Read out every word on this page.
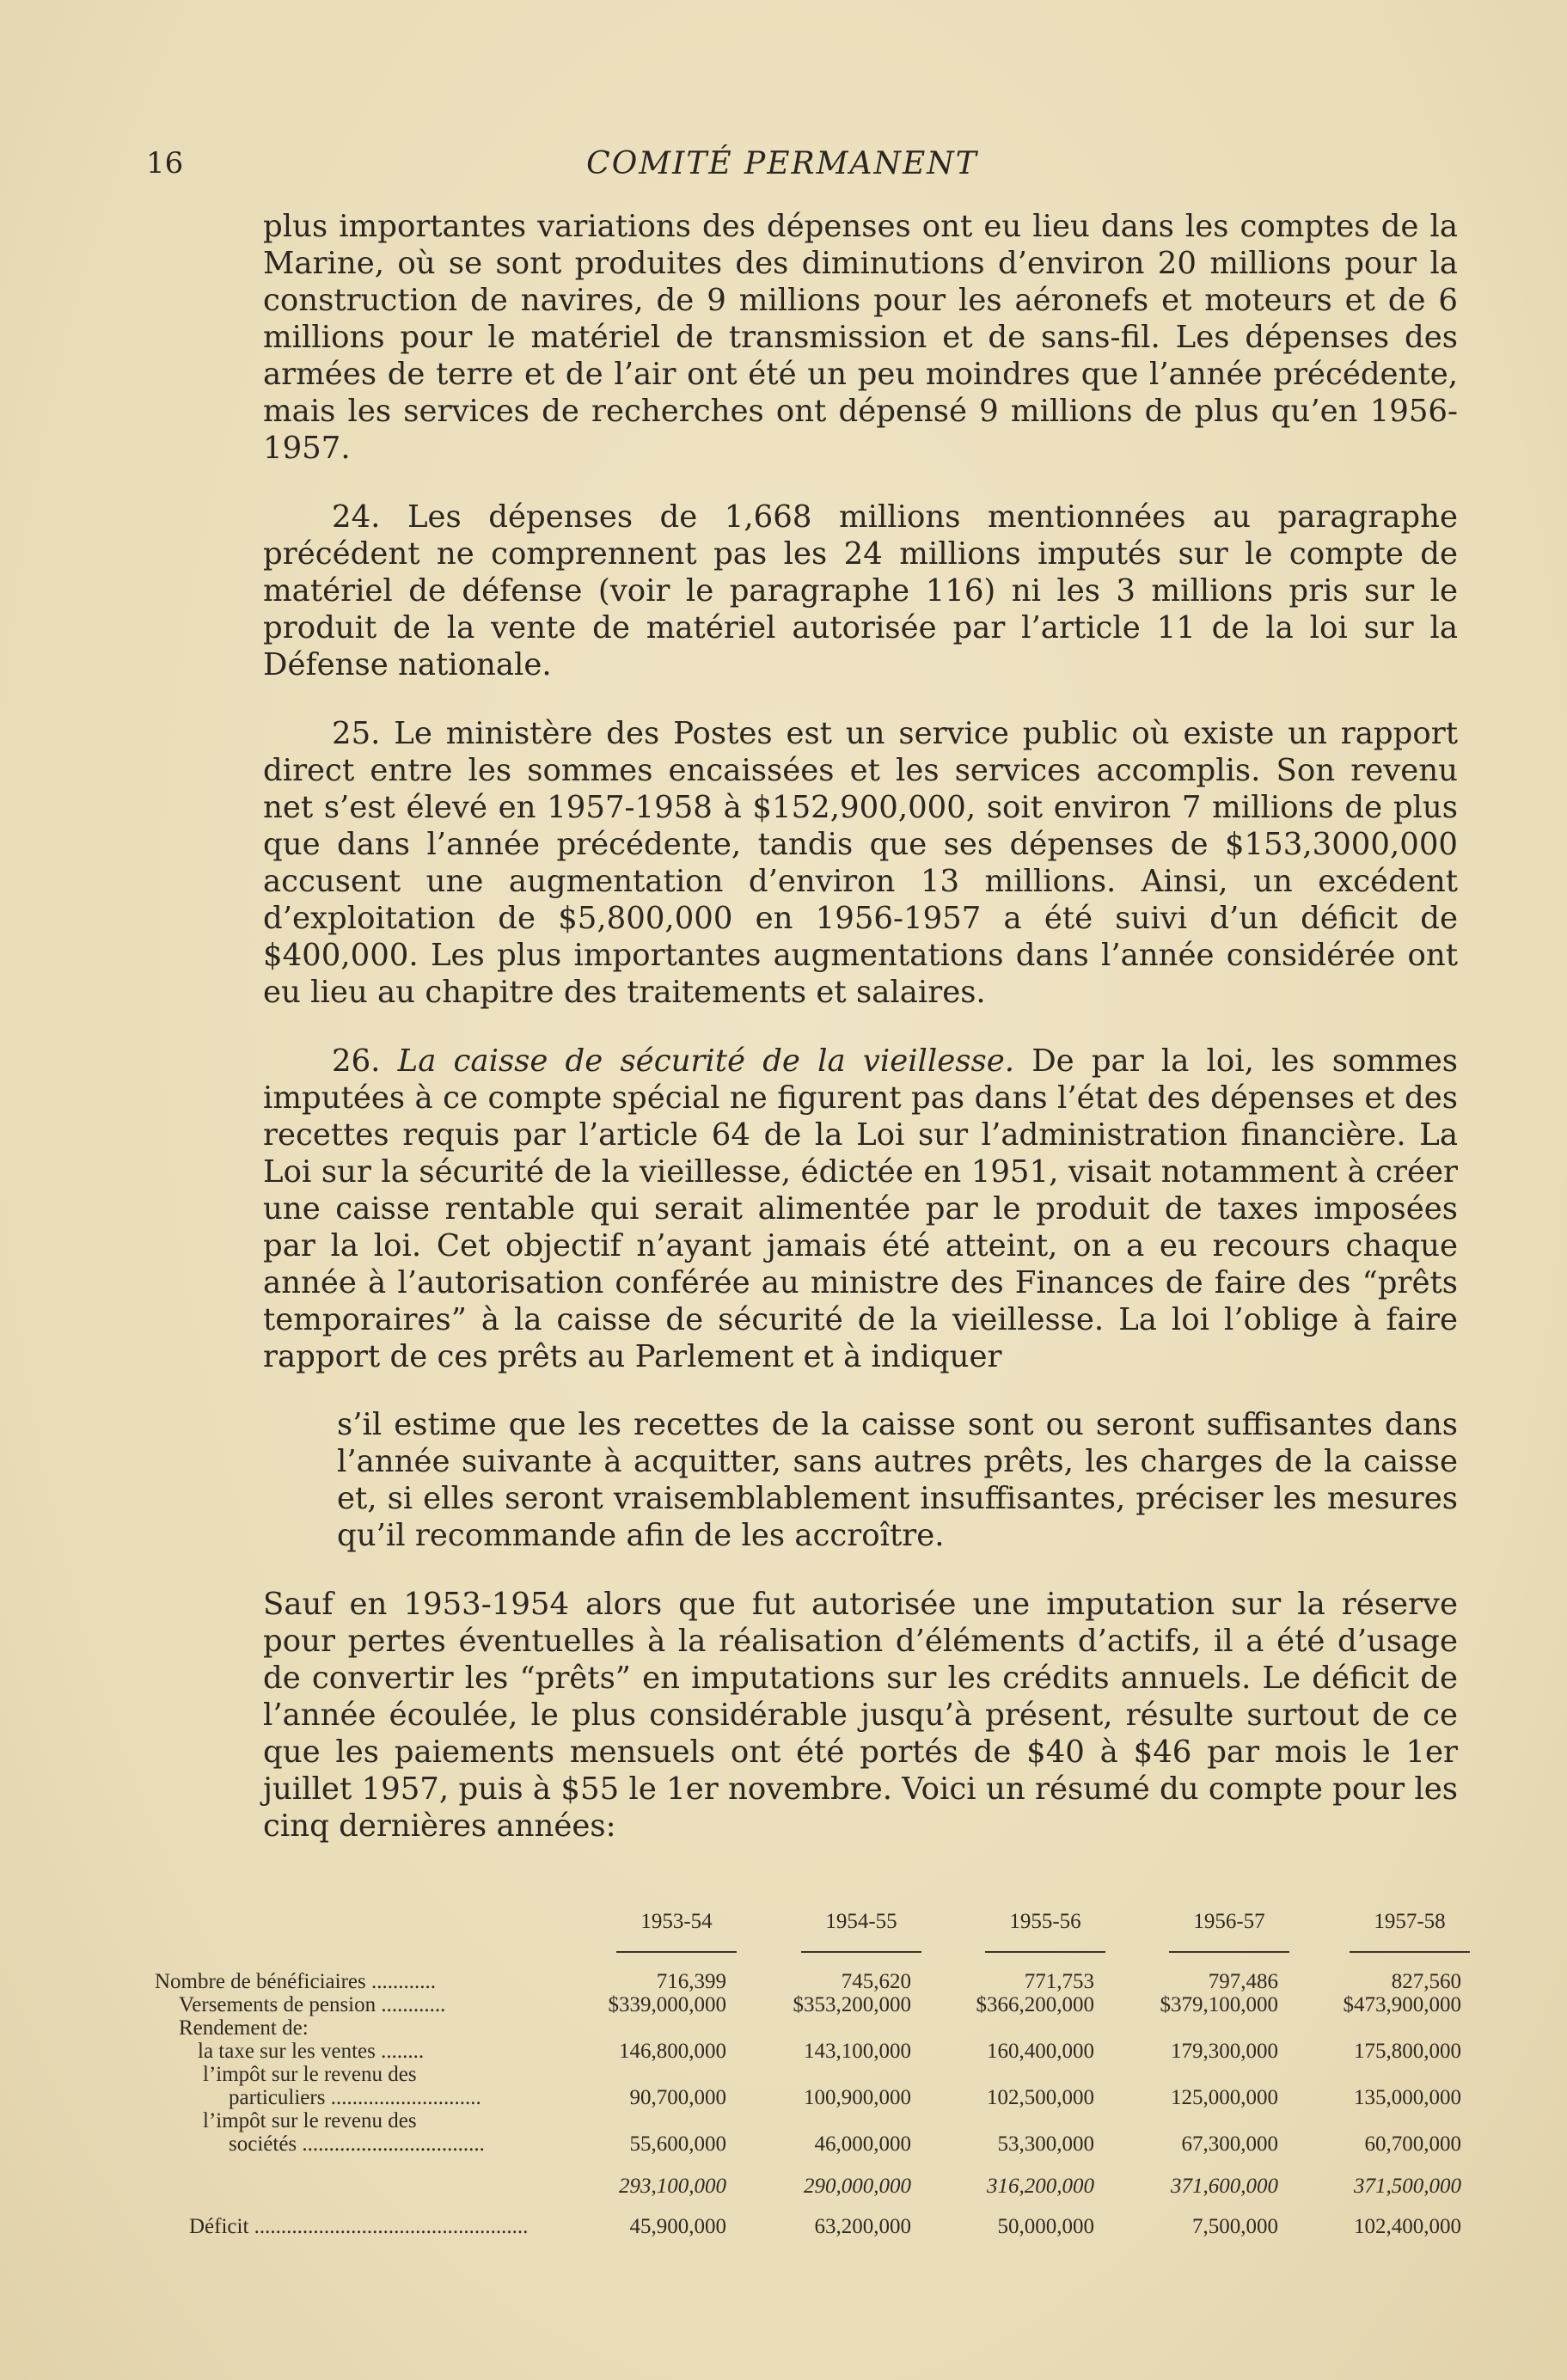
16	COMITÉ PERMANENT

plus importantes variations des dépenses ont eu lieu dans les comptes de la Marine, où se sont produites des diminutions d’environ 20 millions pour la construction de navires, de 9 millions pour les aéronefs et moteurs et de 6 millions pour le matériel de transmission et de sans-fil. Les dépenses des armées de terre et de l’air ont été un peu moindres que l’année précédente, mais les services de recherches ont dépensé 9 millions de plus qu’en 1956-1957.

24. Les dépenses de 1,668 millions mentionnées au paragraphe précédent ne comprennent pas les 24 millions imputés sur le compte de matériel de défense (voir le paragraphe 116) ni les 3 millions pris sur le produit de la vente de matériel autorisée par l’article 11 de la loi sur la Défense nationale.

25. Le ministère des Postes est un service public où existe un rapport direct entre les sommes encaissées et les services accomplis. Son revenu net s’est élevé en 1957-1958 à $152,900,000, soit environ 7 millions de plus que dans l’année précédente, tandis que ses dépenses de $153,3000,000 accusent une augmentation d’environ 13 millions. Ainsi, un excédent d’exploitation de $5,800,000 en 1956-1957 a été suivi d’un déficit de $400,000. Les plus importantes augmentations dans l’année considérée ont eu lieu au chapitre des traitements et salaires.

26. La caisse de sécurité de la vieillesse. De par la loi, les sommes imputées à ce compte spécial ne figurent pas dans l’état des dépenses et des recettes requis par l’article 64 de la Loi sur l’administration financière. La Loi sur la sécurité de la vieillesse, édictée en 1951, visait notamment à créer une caisse rentable qui serait alimentée par le produit de taxes imposées par la loi. Cet objectif n’ayant jamais été atteint, on a eu recours chaque année à l’autorisation conférée au ministre des Finances de faire des “prêts temporaires” à la caisse de sécurité de la vieillesse. La loi l’oblige à faire rapport de ces prêts au Parlement et à indiquer

s’il estime que les recettes de la caisse sont ou seront suffisantes dans l’année suivante à acquitter, sans autres prêts, les charges de la caisse et, si elles seront vraisemblablement insuffisantes, préciser les mesures qu’il recommande afin de les accroître.

Sauf en 1953-1954 alors que fut autorisée une imputation sur la réserve pour pertes éventuelles à la réalisation d’éléments d’actifs, il a été d’usage de convertir les “prêts” en imputations sur les crédits annuels. Le déficit de l’année écoulée, le plus considérable jusqu’à présent, résulte surtout de ce que les paiements mensuels ont été portés de $40 à $46 par mois le 1er juillet 1957, puis à $55 le 1er novembre. Voici un résumé du compte pour les cinq dernières années:

1953-54	1954-55	1955-56	1956-57	1957-58
Nombre de bénéficiaires ............	716,399	745,620	771,753	797,486	827,560
Versements de pension ............	$339,000,000	$353,200,000	$366,200,000	$379,100,000	$473,900,000
Rendement de:
la taxe sur les ventes ........	146,800,000	143,100,000	160,400,000	179,300,000	175,800,000
l’impôt sur le revenu des
particuliers ............................	90,700,000	100,900,000	102,500,000	125,000,000	135,000,000
l’impôt sur le revenu des
sociétés ..................................	55,600,000	46,000,000	53,300,000	67,300,000	60,700,000
293,100,000	290,000,000	316,200,000	371,600,000	371,500,000
Déficit ...................................................	45,900,000	63,200,000	50,000,000	7,500,000	102,400,000
